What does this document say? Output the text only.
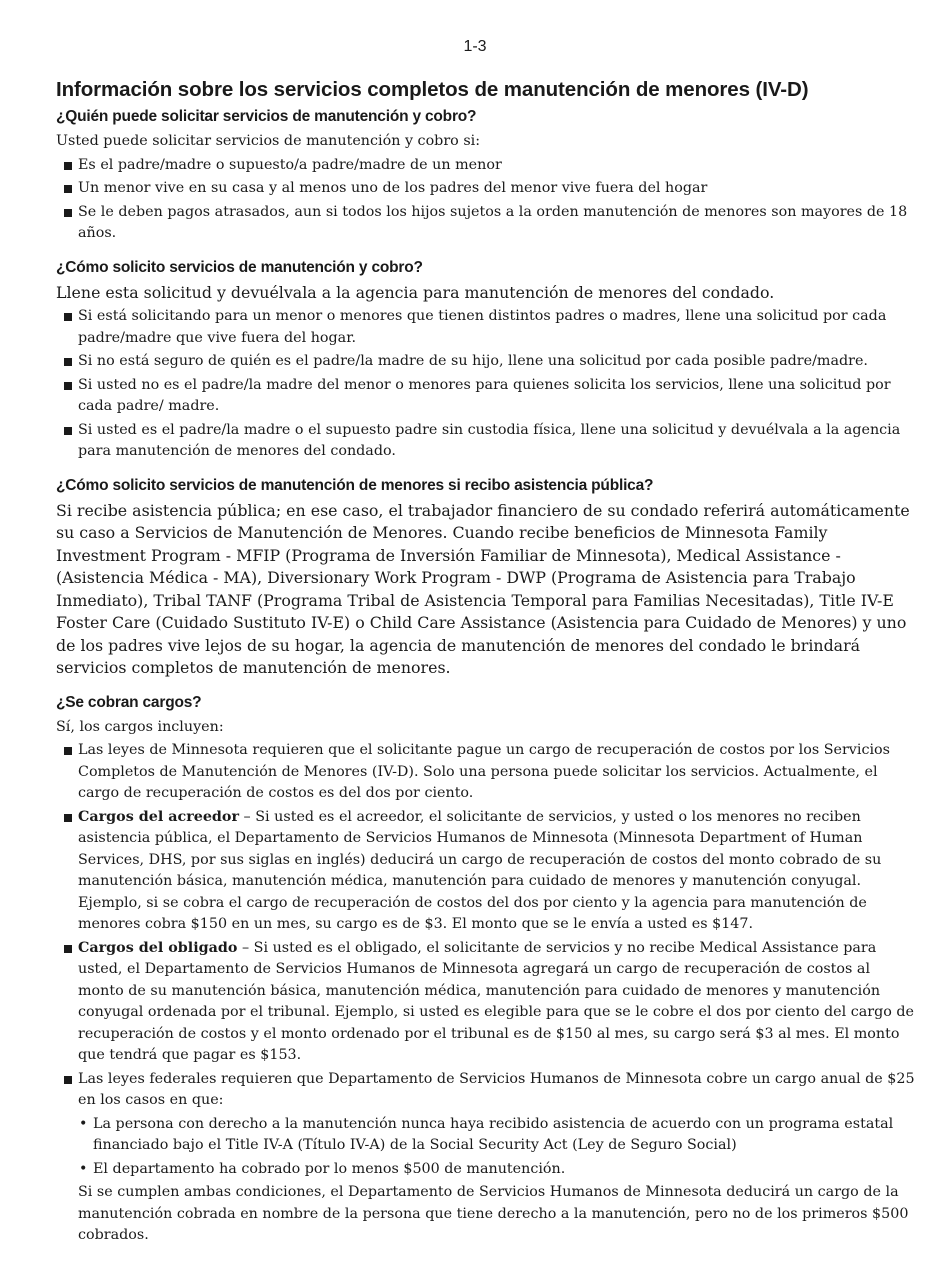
1-3
Información sobre los servicios completos de manutención de menores (IV-D)
¿Quién puede solicitar servicios de manutención y cobro?

Usted puede solicitar servicios de manutención y cobro si:

Es el padre/madre o supuesto/a padre/madre de un menor
Un menor vive en su casa y al menos uno de los padres del menor vive fuera del hogar
Se le deben pagos atrasados, aun si todos los hijos sujetos a la orden manutención de menores son mayores de 18 años.
¿Cómo solicito servicios de manutención y cobro?

Llene esta solicitud y devuélvala a la agencia para manutención de menores del condado.

Si está solicitando para un menor o menores que tienen distintos padres o madres, llene una solicitud por cada padre/madre que vive fuera del hogar.
Si no está seguro de quién es el padre/la madre de su hijo, llene una solicitud por cada posible padre/madre.
Si usted no es el padre/la madre del menor o menores para quienes solicita los servicios, llene una solicitud por cada padre/ madre.
Si usted es el padre/la madre o el supuesto padre sin custodia física, llene una solicitud y devuélvala a la agencia para manutención de menores del condado.
¿Cómo solicito servicios de manutención de menores si recibo asistencia pública?

Si recibe asistencia pública; en ese caso, el trabajador financiero de su condado referirá automáticamente su caso a Servicios de Manutención de Menores. Cuando recibe beneficios de Minnesota Family Investment Program - MFIP (Programa de Inversión Familiar de Minnesota), Medical Assistance - (Asistencia Médica - MA), Diversionary Work Program - DWP (Programa de Asistencia para Trabajo Inmediato), Tribal TANF (Programa Tribal de Asistencia Temporal para Familias Necesitadas), Title IV-E Foster Care (Cuidado Sustituto IV-E) o Child Care Assistance (Asistencia para Cuidado de Menores) y uno de los padres vive lejos de su hogar, la agencia de manutención de menores del condado le brindará servicios completos de manutención de menores.

¿Se cobran cargos?

Sí, los cargos incluyen:

Las leyes de Minnesota requieren que el solicitante pague un cargo de recuperación de costos por los Servicios Completos de Manutención de Menores (IV-D). Solo una persona puede solicitar los servicios. Actualmente, el cargo de recuperación de costos es del dos por ciento.
Cargos del acreedor – Si usted es el acreedor, el solicitante de servicios, y usted o los menores no reciben asistencia pública, el Departamento de Servicios Humanos de Minnesota (Minnesota Department of Human Services, DHS, por sus siglas en inglés) deducirá un cargo de recuperación de costos del monto cobrado de su manutención básica, manutención médica, manutención para cuidado de menores y manutención conyugal. Ejemplo, si se cobra el cargo de recuperación de costos del dos por ciento y la agencia para manutención de menores cobra $150 en un mes, su cargo es de $3. El monto que se le envía a usted es $147.
Cargos del obligado – Si usted es el obligado, el solicitante de servicios y no recibe Medical Assistance para usted, el Departamento de Servicios Humanos de Minnesota agregará un cargo de recuperación de costos al monto de su manutención básica, manutención médica, manutención para cuidado de menores y manutención conyugal ordenada por el tribunal. Ejemplo, si usted es elegible para que se le cobre el dos por ciento del cargo de recuperación de costos y el monto ordenado por el tribunal es de $150 al mes, su cargo será $3 al mes. El monto que tendrá que pagar es $153.
Las leyes federales requieren que Departamento de Servicios Humanos de Minnesota cobre un cargo anual de $25 en los casos en que:
• La persona con derecho a la manutención nunca haya recibido asistencia de acuerdo con un programa estatal financiado bajo el Title IV-A (Título IV-A) de la Social Security Act (Ley de Seguro Social)
• El departamento ha cobrado por lo menos $500 de manutención.

Si se cumplen ambas condiciones, el Departamento de Servicios Humanos de Minnesota deducirá un cargo de la manutención cobrada en nombre de la persona que tiene derecho a la manutención, pero no de los primeros $500 cobrados.
